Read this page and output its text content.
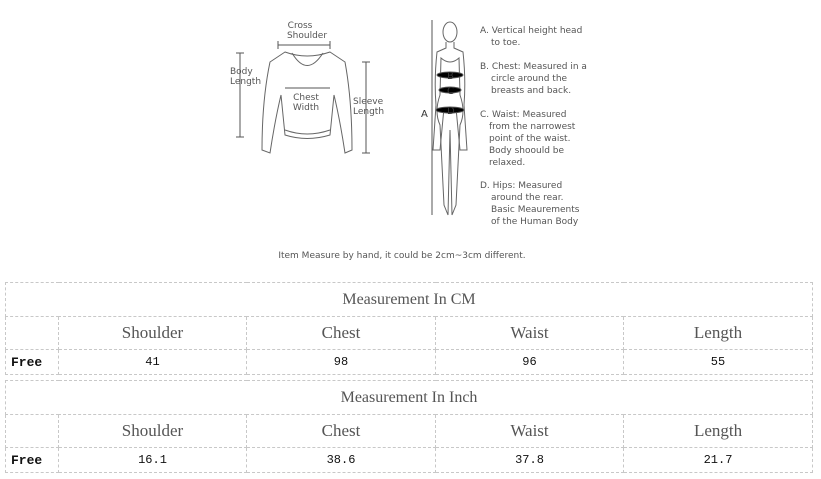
Cross
Shoulder
Body
Length
Chest
Width
Sleeve
Length	A
B
C
D
A. Vertical height head
to toe.
B. Chest: Measured in a
circle around the
breasts and back.
C. Waist: Measured
from the narrowest
point of the waist.
Body shoould be
relaxed.
D. Hips: Measured
around the rear.
Basic Meaurements
of the Human Body
Item Measure by hand, it could be 2cm~3cm different.
Measurement In CM				
	Shoulder	Chest	Waist	Length
Free	41	98	96	55
Measurement In Inch				
	Shoulder	Chest	Waist	Length
Free	16.1	38.6	37.8	21.7
